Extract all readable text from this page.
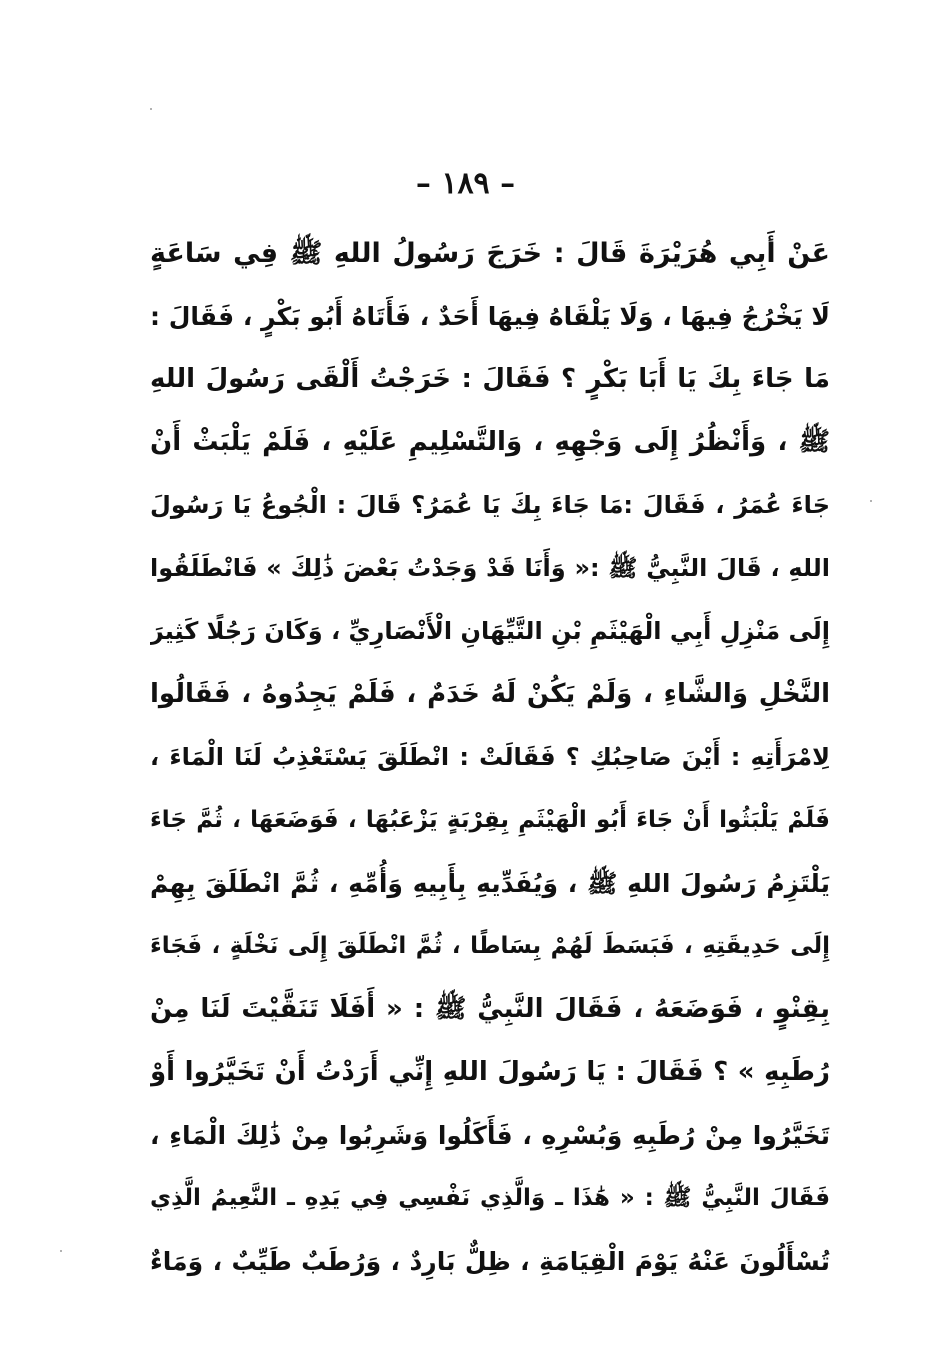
– ١٨٩ –
عَنْ أَبِي هُرَيْرَةَ قَالَ : خَرَجَ رَسُولُ اللهِ ﷺ فِي سَاعَةٍ
لَا يَخْرُجُ فِيهَا ، وَلَا يَلْقَاهُ فِيهَا أَحَدٌ ، فَأَتَاهُ أَبُو بَكْرٍ ، فَقَالَ :
مَا جَاءَ بِكَ يَا أَبَا بَكْرٍ ؟ فَقَالَ : خَرَجْتُ أَلْقَى رَسُولَ اللهِ
ﷺ ، وَأَنْظُرُ إِلَى وَجْهِهِ ، وَالتَّسْلِيمِ عَلَيْهِ ، فَلَمْ يَلْبَثْ أَنْ
جَاءَ عُمَرُ ، فَقَالَ :مَا جَاءَ بِكَ يَا عُمَرُ؟ قَالَ : الْجُوعُ يَا رَسُولَ
اللهِ ، قَالَ النَّبِيُّ ﷺ :« وَأَنَا قَدْ وَجَدْتُ بَعْضَ ذَٰلِكَ » فَانْطَلَقُوا
إِلَى مَنْزِلِ أَبِي الْهَيْثَمِ بْنِ التَّيِّهَانِ الْأَنْصَارِيِّ ، وَكَانَ رَجُلًا كَثِيرَ
النَّخْلِ وَالشَّاءِ ، وَلَمْ يَكُنْ لَهُ خَدَمٌ ، فَلَمْ يَجِدُوهُ ، فَقَالُوا
لِامْرَأَتِهِ : أَيْنَ صَاحِبُكِ ؟ فَقَالَتْ : انْطَلَقَ يَسْتَعْذِبُ لَنَا الْمَاءَ ،
فَلَمْ يَلْبَثُوا أَنْ جَاءَ أَبُو الْهَيْثَمِ بِقِرْبَةٍ يَزْعَبُهَا ، فَوَضَعَهَا ، ثُمَّ جَاءَ
يَلْتَزِمُ رَسُولَ اللهِ ﷺ ، وَيُفَدِّيهِ بِأَبِيهِ وَأُمِّهِ ، ثُمَّ انْطَلَقَ بِهِمْ
إِلَى حَدِيقَتِهِ ، فَبَسَطَ لَهُمْ بِسَاطًا ، ثُمَّ انْطَلَقَ إِلَى نَخْلَةٍ ، فَجَاءَ
بِقِنْوٍ ، فَوَضَعَهُ ، فَقَالَ النَّبِيُّ ﷺ : « أَفَلَا تَنَقَّيْتَ لَنَا مِنْ
رُطَبِهِ » ؟ فَقَالَ : يَا رَسُولَ اللهِ إِنِّي أَرَدْتُ أَنْ تَخَيَّرُوا أَوْ
تَخَيَّرُوا مِنْ رُطَبِهِ وَبُسْرِهِ ، فَأَكَلُوا وَشَرِبُوا مِنْ ذَٰلِكَ الْمَاءِ ،
فَقَالَ النَّبِيُّ ﷺ : « هَٰذَا ـ وَالَّذِي نَفْسِي فِي يَدِهِ ـ النَّعِيمُ الَّذِي
تُسْأَلُونَ عَنْهُ يَوْمَ الْقِيَامَةِ ، ظِلٌّ بَارِدٌ ، وَرُطَبٌ طَيِّبٌ ، وَمَاءٌ
